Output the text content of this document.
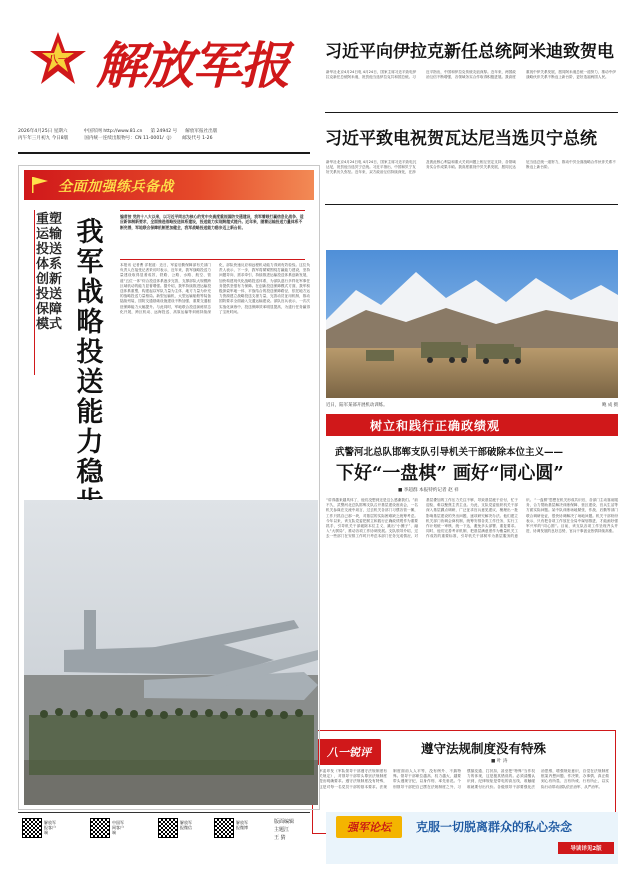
八一 解放军报
2026年4月25日 星期六	中国军网 http://www.81.cn 第 24942 号 解放军报社出版
丙午年三月初九 今日8版	国内统一连续出版物号：CN 11-0001/（J） 邮发代号 1-26
习近平向伊拉克新任总统阿米迪致贺电
新华社北京4月24日电 4月24日，国家主席习近平致电伊拉克新任总统阿米迪，祝贺他当选伊拉克共和国总统。习近平指出，中国和伊拉克传统友谊深厚。近年来，两国政治互信不断增强，各领域务实合作取得积极进展。我高度重视中伊关系发展，愿同阿米迪总统一道努力，推动中伊战略伙伴关系不断迈上新台阶，更好造福两国人民。
习近平致电祝贺瓦达尼当选贝宁总统
新华社北京4月24日电 4月24日，国家主席习近平致电瓦达尼，祝贺他当选贝宁总统。习近平指出，中国和贝宁友好关系历久弥坚。近年来，双方政治互信持续深化，在涉及彼此核心利益和重大关切问题上相互坚定支持，各领域务实合作成果丰硕。我高度重视中贝关系发展，愿同瓦达尼当选总统一道努力，推动中贝全面战略合作伙伴关系不断迈上新台阶。
近日，陆军某部开展机动训练。	鲍 成 摄
树立和践行正确政绩观
武警河北总队邯郸支队引导机关干部破除本位主义——
下好“一盘棋” 画好“同心圆”
■ 李超群 本报特约记者 赵 祥
“讲得越来越具体了，他们没想到还是这么感谢我们。”前不久，武警河北总队邯郸支队召开基层建设座谈会，一名机关参谋在交流中坦言，过去机关各部门习惯各管一摊，工作只抓自己那一块，对基层的实际困难缺乏统筹考虑。今年以来，该支队党委把树立和践行正确政绩观作为重要抓手，引导机关干部破除本位主义，跳出“小圈子”、融入“大棋局”，推动各项工作协调发展。支队领导介绍，过去一些部门在安排工作时只考虑本部门任务完成情况，对基层叠加的工作压力关注不够，导致基层疲于应付，忙于迎检，难以聚焦主责主业。为此，支队党委组织机关干部深入基层蹲点调研，广泛征求官兵意见建议，梳理出一批影响基层建设的突出问题，逐项研究解决办法。他们建立机关部门协调会商机制，统筹安排各类工作任务，实行工作计划统一审核、统一下达，避免多头部署、重复要求。同时，他们完善考评机制，把基层满意度作为衡量机关工作成效的重要标准，引导机关干部树牢为基层服务的意识。 “一盘棋”思想在机关形成共识后，各部门主动靠前服务，合力帮助基层解决训练保障、营区建设、官兵生活等方面实际问题。某中队训练场地紧张，作战、后勤等部门联合调研论证，很快协调解决了场地问题。机关干部纷纷表示，只有把各项工作放在全局中谋划推进，才能画好强军兴军的“同心圆”。目前，该支队各项工作呈现齐头并进、协调发展的良好态势，官兵干事创业热情持续高涨。
八一锐评	遵守法规制度没有特殊
■ 叶 涛
军委印发《军队领导干部遵守法规制度有关规定》，对领导干部带头尊崇法规制度提出明确要求。遵守法规制度没有特殊，这是对每一名党员干部的基本要求。法规制度面前人人平等，没有例外、不搞特殊。领导干部职位越高、权力越大，越要带头遵规守纪，以身作则、率先垂范。个别领导干部把自己摆在法规制度之外，习惯搞变通、打折扣，甚至把“特殊”当作权力的体现，这是极其错误的。必须清醒认识到，纪律规矩是带电的高压线，谁触碰谁就要付出代价。各级领导干部要强化法治思维，增强规矩意识，自觉在法规制度框架内想问题、作决策、办事情，真正做到心有所畏、言有所戒、行有所止，以实际行动带动部队依法治军、从严治军。
全面加强练兵备战
重塑运输投送体系 创新投送保障模式
我军战略投送能力稳
编者按 党的十八大以来，以习近平同志为核心的党中央高度重视国防交通建设，我军着眼打赢信息化战争、适应新体制新要求，全面推进战略投送体系建设，投送能力实现跨越式提升。近年来，随着运输投送力量体系不断完善，军地联合保障机制更加健全，我军战略投送能力稳步迈上新台阶。
本报讯 记者曹 洋报道：近日，军委后勤保障部有关部门负责人在接受记者采访时表示，近年来，我军战略投送力量建设取得显著成效，铁路、公路、水路、航空、管道“五位一体”综合投送体系逐步完善，支撑部队大规模跨区域机动的能力显著增强。据介绍，我军持续推进运输投送体系重塑，构建起以军队力量为主体、地方力量为补充的战略投送力量格局。新型运输机、大型运输船舶等装备陆续列装，国防交通基础设施建设不断加强，重要交通枢纽保障能力大幅提升。与此同时，军地联合投送演练常态化开展，跨区机动、远海投送、高原运输等训练持续深化，部队快速反应和远程机动能力得到有效检验。这位负责人表示，下一步，我军将紧紧围绕打赢能力建设，坚持问题导向、需求牵引，持续推进运输投送体系创新发展，加快构建现代化战略投送体系，为部队遂行多样化军事任务提供坚强有力保障。在创新投送保障模式方面，我军积极探索军地一体、平战结合的投送保障路径，依托地方运力资源建立战略投送支援力量，完善动员征用机制，推动国防要求全面融入交通运输建设。部队官兵表示，一次次实战化演练中，投送保障效率明显提高，为遂行任务赢得了宝贵时间。
解放军报客户端
中国军网客户端
解放军报微信
解放军报微博
版面编辑
主题江
王 猜
强军论坛 克服一切脱离群众的私心杂念
导读详见2版
